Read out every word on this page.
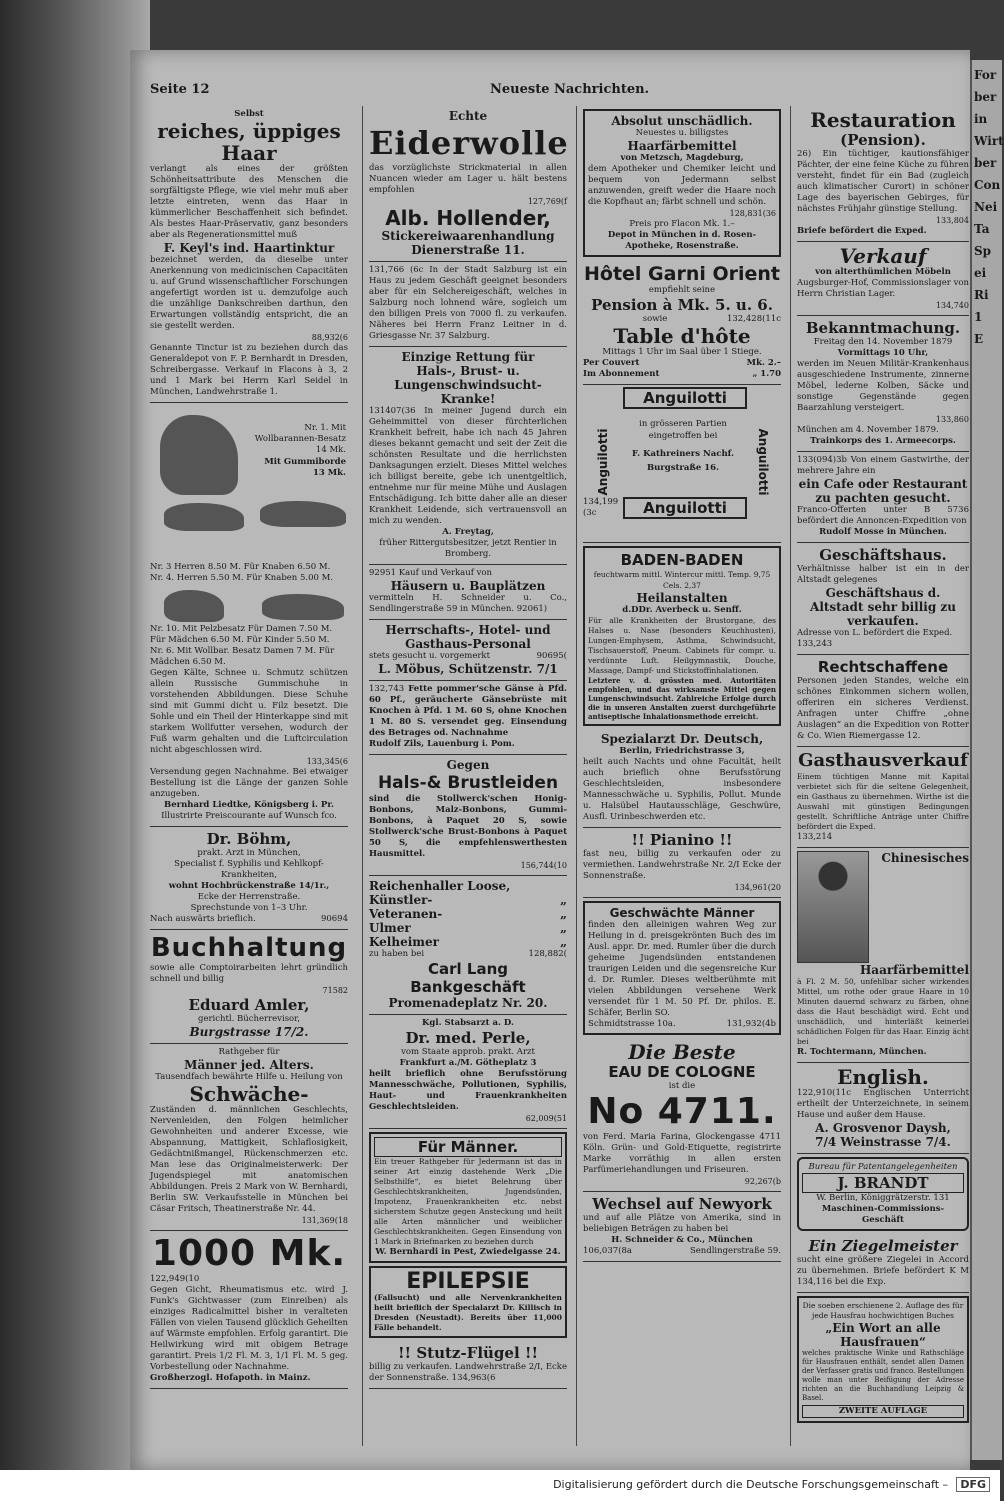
Seite 12	Neueste Nachrichten.
Selbst
reiches, üppiges
Haar

verlangt als eines der größten Schönheitsattribute des Menschen die sorgfältigste Pflege, wie viel mehr muß aber letzte eintreten, wenn das Haar in kümmerlicher Beschaffenheit sich befindet. Als bestes Haar-Präservativ, ganz besonders aber als Regenerationsmittel muß

F. Keyl's ind. Haartinktur

bezeichnet werden, da dieselbe unter Anerkennung von medicinischen Capacitäten u. auf Grund wissenschaftlicher Forschungen angefertigt worden ist u. demzufolge auch die unzählige Dankschreiben darthun, den Erwartungen vollständig entspricht, die an sie gestellt werden.

88,932(6

Genannte Tinctur ist zu beziehen durch das Generaldepot von F. P. Bernhardt in Dresden, Schreibergasse. Verkauf in Flacons à 3, 2 und 1 Mark bei Herrn Karl Seidel in München, Landwehrstraße 1.

Nr. 1. Mit Wollbarannen-Besatz 14 Mk.
Mit Gummiborde 13 Mk.
Nr. 3 Herren 8.50 M. Für Knaben 6.50 M.
Nr. 4. Herren 5.50 M. Für Knaben 5.00 M.
Nr. 10. Mit Pelzbesatz Für Damen 7.50 M. Für Mädchen 6.50 M. Für Kinder 5.50 M.
Nr. 6. Mit Wollbar. Besatz Damen 7 M. Für Mädchen 6.50 M.

Gegen Kälte, Schnee u. Schmutz schützen allein Russische Gummischuhe in vorstehenden Abbildungen. Diese Schuhe sind mit Gummi dicht u. Filz besetzt. Die Sohle und ein Theil der Hinterkappe sind mit starkem Wollfutter versehen, wodurch der Fuß warm gehalten und die Luftcirculation nicht abgeschlossen wird.

133,345(6

Versendung gegen Nachnahme. Bei etwaiger Bestellung ist die Länge der ganzen Sohle anzugeben.

Bernhard Liedtke, Königsberg i. Pr.
Illustrirte Preiscourante auf Wunsch fco.
Dr. Böhm,
prakt. Arzt in München,
Specialist f. Syphilis und Kehlkopf-Krankheiten,
wohnt Hochbrückenstraße 14/1r.,
Ecke der Herrenstraße.
Sprechstunde von 1–3 Uhr.
Nach auswärts brieflich.	90694
Buchhaltung

sowie alle Comptoirarbeiten lehrt gründlich schnell und billig

71582
Eduard Amler,
gerichtl. Bücherrevisor,
Burgstrasse 17/2.
Rathgeber für
Männer jed. Alters.
Tausendfach bewährte Hilfe u. Heilung von
Schwäche-

Zuständen d. männlichen Geschlechts, Nervenleiden, den Folgen heimlicher Gewohnheiten und anderer Excesse, wie Abspannung, Mattigkeit, Schlaflosigkeit, Gedächtnißmangel, Rückenschmerzen etc. Man lese das Originalmeisterwerk: Der Jugendspiegel mit anatomischen Abbildungen. Preis 2 Mark von W. Bernhardi, Berlin SW. Verkaufsstelle in München bei Cäsar Fritsch, Theatinerstraße Nr. 44.

131,369(18
1000 Mk.
122,949(10

Gegen Gicht, Rheumatismus etc. wird J. Funk's Gichtwasser (zum Einreiben) als einziges Radicalmittel bisher in veralteten Fällen von vielen Tausend glücklich Geheilten auf Wärmste empfohlen. Erfolg garantirt. Die Heilwirkung wird mit obigem Betrage garantirt. Preis 1/2 Fl. M. 3, 1/1 Fl. M. 5 geg. Vorbestellung oder Nachnahme.

Großherzogl. Hofapoth. in Mainz.
Echte
Eiderwolle

das vorzüglichste Strickmaterial in allen Nuancen wieder am Lager u. hält bestens empfohlen

127,769(f
Alb. Hollender,
Stickereiwaarenhandlung
Dienerstraße 11.

131,766 (6c In der Stadt Salzburg ist ein Haus zu jedem Geschäft geeignet besonders aber für ein Selchereigeschäft, welches in Salzburg noch lohnend wäre, sogleich um den billigen Preis von 7000 fl. zu verkaufen. Näheres bei Herrn Franz Leitner in d. Griesgasse Nr. 37 Salzburg.

Einzige Rettung für
Hals-, Brust- u. Lungenschwindsucht-Kranke!

131407(36 In meiner Jugend durch ein Geheimmittel von dieser fürchterlichen Krankheit befreit, habe ich nach 45 Jahren dieses bekannt gemacht und seit der Zeit die schönsten Resultate und die herrlichsten Danksagungen erzielt. Dieses Mittel welches ich billigst bereite, gebe ich unentgeltlich, entnehme nur für meine Mühe und Auslagen Entschädigung. Ich bitte daher alle an dieser Krankheit Leidende, sich vertrauensvoll an mich zu wenden.

A. Freytag,
früher Rittergutsbesitzer, jetzt Rentier in Bromberg.
92951 Kauf und Verkauf von
Häusern u. Bauplätzen

vermitteln H. Schneider u. Co., Sendlingerstraße 59 in München. 92061)

Herrschafts-, Hotel- und
Gasthaus-Personal
stets gesucht u. vorgemerkt	90695(
L. Möbus, Schützenstr. 7/1

132,743 Fette pommer'sche Gänse à Pfd. 60 Pf., geräucherte Gänsebrüste mit Knochen à Pfd. 1 M. 60 S, ohne Knochen 1 M. 80 S. versendet geg. Einsendung des Betrages od. Nachnahme

Rudolf Zils, Lauenburg i. Pom.
Gegen
Hals-& Brustleiden

sind die Stollwerck'schen Honig-Bonbons, Malz-Bonbons, Gummi-Bonbons, à Paquet 20 S, sowie Stollwerck'sche Brust-Bonbons à Paquet 50 S, die empfehlenswerthesten Hausmittel.

156,744(10
Reichenhaller Loose,
Künstler-	„
Veteranen-	„
Ulmer	„
Kelheimer	„
zu haben bei	128,882(
Carl Lang Bankgeschäft
Promenadeplatz Nr. 20.
Kgl. Stabsarzt a. D.
Dr. med. Perle,
vom Staate approb. prakt. Arzt
Frankfurt a./M. Götheplatz 3

heilt brieflich ohne Berufsstörung Mannesschwäche, Pollutionen, Syphilis, Haut- und Frauenkrankheiten Geschlechtsleiden.

62,009(51
Für Männer.

Ein treuer Rathgeber für Jedermann ist das in seiner Art einzig dastehende Werk „Die Selbsthilfe“, es bietet Belehrung über Geschlechtskrankheiten, Jugendsünden, Impotenz, Frauenkrankheiten etc. nebst sicherstem Schutze gegen Ansteckung und heilt alle Arten männlicher und weiblicher Geschlechtskrankheiten. Gegen Einsendung von 1 Mark in Briefmarken zu beziehen durch

W. Bernhardi in Pest, Zwiedelgasse 24.
EPILEPSIE

(Fallsucht) und alle Nervenkrankheiten heilt brieflich der Specialarzt Dr. Killisch in Dresden (Neustadt). Bereits über 11,000 Fälle behandelt.

!! Stutz-Flügel !!

billig zu verkaufen. Landwehrstraße 2/I, Ecke der Sonnenstraße. 134,963(6

Absolut unschädlich.
Neuestes u. billigstes
Haarfärbemittel
von Metzsch, Magdeburg,

dem Apotheker und Chemiker leicht und bequem von Jedermann selbst anzuwenden, greift weder die Haare noch die Kopfhaut an; färbt schnell und schön.

128,831(36
Preis pro Flacon Mk. 1.–
Depot in München in d. Rosen-Apotheke, Rosenstraße.
Hôtel Garni Orient
empfiehlt seine
Pension à Mk. 5. u. 6.
sowie	132,428(11c
Table d'hôte
Mittags 1 Uhr im Saal über 1 Stiege.
Per Couvert	Mk. 2.–
Im Abonnement	„ 1.70
Anguilotti
Anguilotti	Anguilotti
in grösseren Partien
eingetroffen bei
F. Kathreiners Nachf.
Burgstraße 16.
134,199 (3c	Anguilotti
BADEN-BADEN
feuchtwarm mittl. Wintercur mittl. Temp. 9,75 Cels. 2,37
Heilanstalten
d.DDr. Averbeck u. Senff.

Für alle Krankheiten der Brustorgane, des Halses u. Nase (besonders Keuchhusten), Lungen-Emphysem, Asthma, Schwindsucht, Tischsauerstoff, Pneum. Cabinets für compr. u. verdünnte Luft. Heilgymnastik, Douche, Massage, Dampf- und Stickstoffinhalationen.

Letztere v. d. grössten med. Autoritäten empfohlen, und das wirksamste Mittel gegen Lungenschwindsucht. Zahlreiche Erfolge durch die in unseren Anstalten zuerst durchgeführte antiseptische Inhalationsmethode erreicht.

Spezialarzt Dr. Deutsch,
Berlin, Friedrichstrasse 3,

heilt auch Nachts und ohne Facultät, heilt auch brieflich ohne Berufsstörung Geschlechtsleiden, insbesondere Mannesschwäche u. Syphilis, Pollut. Munde u. Halsübel Hautausschläge, Geschwüre, Ausfl. Urinbeschwerden etc.

!! Pianino !!

fast neu, billig zu verkaufen oder zu vermiethen. Landwehrstraße Nr. 2/I Ecke der Sonnenstraße.

134,961(20
Geschwächte Männer

finden den alleinigen wahren Weg zur Heilung in d. preisgekrönten Buch des im Ausl. appr. Dr. med. Rumler über die durch geheime Jugendsünden entstandenen traurigen Leiden und die segensreiche Kur d. Dr. Rumler. Dieses weltberühmte mit vielen Abbildungen versehene Werk versendet für 1 M. 50 Pf. Dr. philos. E. Schäfer, Berlin SO.

Schmidtstrasse 10a.	131,932(4b
Die Beste
EAU DE COLOGNE
ist die
No 4711.

von Ferd. Maria Farina, Glockengasse 4711 Köln. Grün- und Gold-Etiquette, registrirte Marke vorräthig in allen ersten Parfümeriehandlungen und Friseuren.

92,267(b
Wechsel auf Newyork

und auf alle Plätze von Amerika, sind in beliebigen Beträgen zu haben bei

H. Schneider & Co., München
106,037(8a	Sendlingerstraße 59.
Restauration
(Pension).

26) Ein tüchtiger, kautionsfähiger Pächter, der eine feine Küche zu führen versteht, findet für ein Bad (zugleich auch klimatischer Curort) in schöner Lage des bayerischen Gebirges, für nächstes Frühjahr günstige Stellung.

133,804
Briefe befördert die Exped.
Verkauf
von alterthümlichen Möbeln

Augsburger-Hof, Commissionslager von Herrn Christian Lager.

134,740
Bekanntmachung.
Freitag den 14. November 1879
Vormittags 10 Uhr,

werden im Neuen Militär-Krankenhaus ausgeschiedene Instrumente, zinnerne Möbel, lederne Kolben, Säcke und sonstige Gegenstände gegen Baarzahlung versteigert.

133,860
München am 4. November 1879.
Trainkorps des 1. Armeecorps.

133(094)3b Von einem Gastwirthe, der mehrere Jahre ein

ein Cafe oder Restaurant zu pachten gesucht.

Franco-Offerten unter B 5736 befördert die Annoncen-Expedition von

Rudolf Mosse in München.
Geschäftshaus.

Verhältnisse halber ist ein in der Altstadt gelegenes

Geschäftshaus d. Altstadt sehr billig zu verkaufen.
Adresse von L. befördert die Exped. 133,243
Rechtschaffene

Personen jeden Standes, welche ein schönes Einkommen sichern wollen, offeriren ein sicheres Verdienst. Anfragen unter Chiffre „ohne Auslagen“ an die Expedition von Rotter & Co. Wien Riemergasse 12.

Gasthausverkauf

Einem tüchtigen Manne mit Kapital verbietet sich für die seltene Gelegenheit, ein Gasthaus zu übernehmen. Wirthe ist die Auswahl mit günstigen Bedingungen gestellt. Schriftliche Anträge unter Chiffre befördert die Exped.

133,214
Chinesisches Haarfärbemittel

à Fl. 2 M. 50, unfehlbar sicher wirkendes Mittel, um rothe oder graue Haare in 10 Minuten dauernd schwarz zu färben, ohne dass die Haut beschädigt wird. Echt und unschädlich, und hinterläßt keinerlei schädlichen Folgen für das Haar. Einzig ächt bei

R. Tochtermann, München.
English.

122,910(11c Englischen Unterricht ertheilt der Unterzeichnete, in seinem Hause und außer dem Hause.

A. Grosvenor Daysh,
7/4 Weinstrasse 7/4.
Bureau für Patentangelegenheiten
J. BRANDT
W. Berlin, Königgrätzerstr. 131
Maschinen-Commissions-Geschäft
Ein Ziegelmeister

sucht eine größere Ziegelei in Accord zu übernehmen. Briefe befördert K M 134,116 bei die Exp.

Die soeben erschienene 2. Auflage des für jede Hausfrau hochwichtigen Buches
„Ein Wort an alle Hausfrauen“

welches praktische Winke und Rathschläge für Hausfrauen enthält, sendet allen Damen der Verfasser gratis und franco. Bestellungen wolle man unter Beifügung der Adresse richten an die Buchhandlung Leipzig & Basel.

ZWEITE AUFLAGE
For
ber
in
Wirt
ber
Con
Nei
Ta
Sp
ei
Ri
1
E
Digitalisierung gefördert durch die Deutsche Forschungsgemeinschaft –	DFG
